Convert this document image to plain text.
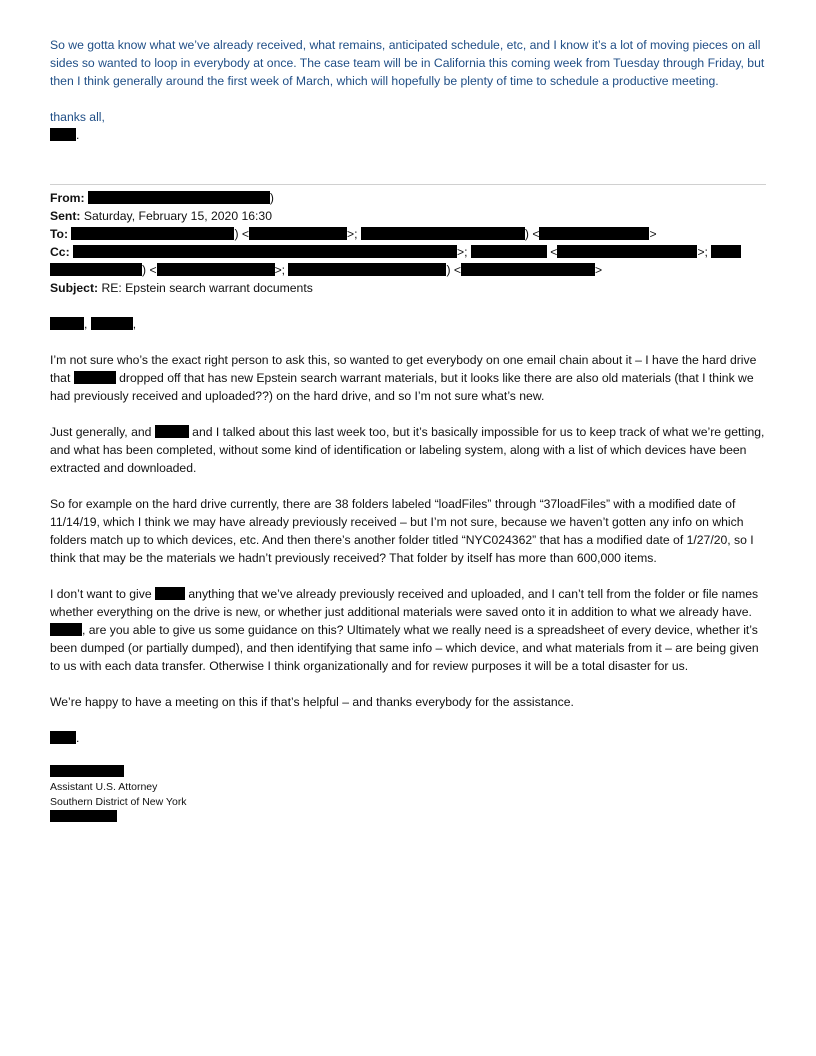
So we gotta know what we’ve already received, what remains, anticipated schedule, etc, and I know it’s a lot of moving pieces on all sides so wanted to loop in everybody at once. The case team will be in California this coming week from Tuesday through Friday, but then I think generally around the first week of March, which will hopefully be plenty of time to schedule a productive meeting.

thanks all,

.

From:	)

Sent: Saturday, February 15, 2020 16:30

To:	) <	>;	) <	>

Cc:	>;	<	>;

) <	>;	) <	>

Subject: RE: Epstein search warrant documents

,	,

I’m not sure who’s the exact right person to ask this, so wanted to get everybody on one email chain about it – I have the hard drive that	dropped off that has new Epstein search warrant materials, but it looks like there are also old materials (that I think we had previously received and uploaded??) on the hard drive, and so I’m not sure what’s new.

Just generally, and	and I talked about this last week too, but it’s basically impossible for us to keep track of what we’re getting, and what has been completed, without some kind of identification or labeling system, along with a list of which devices have been extracted and downloaded.

So for example on the hard drive currently, there are 38 folders labeled “loadFiles” through “37loadFiles” with a modified date of 11/14/19, which I think we may have already previously received – but I’m not sure, because we haven’t gotten any info on which folders match up to which devices, etc. And then there’s another folder titled “NYC024362” that has a modified date of 1/27/20, so I think that may be the materials we hadn’t previously received? That folder by itself has more than 600,000 items.

I don’t want to give  anything that we’ve already previously received and uploaded, and I can’t tell from the folder or file names whether everything on the drive is new, or whether just additional materials were saved onto it in addition to what we already have. , are you able to give us some guidance on this? Ultimately what we really need is a spreadsheet of every device, whether it’s been dumped (or partially dumped), and then identifying that same info – which device, and what materials from it – are being given to us with each data transfer. Otherwise I think organizationally and for review purposes it will be a total disaster for us.

We’re happy to have a meeting on this if that’s helpful – and thanks everybody for the assistance.

.

Assistant U.S. Attorney

Southern District of New York
